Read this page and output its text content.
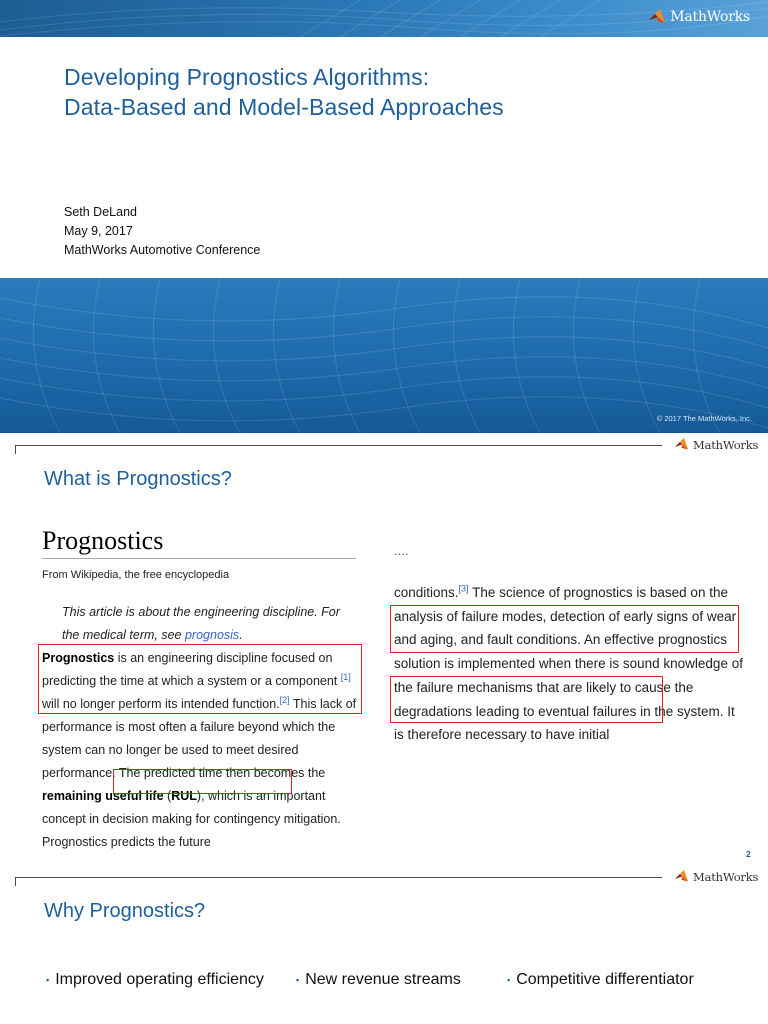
MathWorks
Developing Prognostics Algorithms:
Data-Based and Model-Based Approaches
Seth DeLand
May 9, 2017
MathWorks Automotive Conference
© 2017 The MathWorks, Inc.
MathWorks
What is Prognostics?
Prognostics
From Wikipedia, the free encyclopedia
This article is about the engineering discipline. For the medical term, see prognosis.
Prognostics is an engineering discipline focused on predicting the time at which a system or a component [1] will no longer perform its intended function.[2] This lack of performance is most often a failure beyond which the system can no longer be used to meet desired performance. The predicted time then becomes the remaining useful life (RUL), which is an important concept in decision making for contingency mitigation. Prognostics predicts the future
....
conditions.[3] The science of prognostics is based on the analysis of failure modes, detection of early signs of wear and aging, and fault conditions. An effective prognostics solution is implemented when there is sound knowledge of the failure mechanisms that are likely to cause the degradations leading to eventual failures in the system. It is therefore necessary to have initial
2
MathWorks
Why Prognostics?
▪ Improved operating efficiency	▪ New revenue streams	▪ Competitive differentiator
